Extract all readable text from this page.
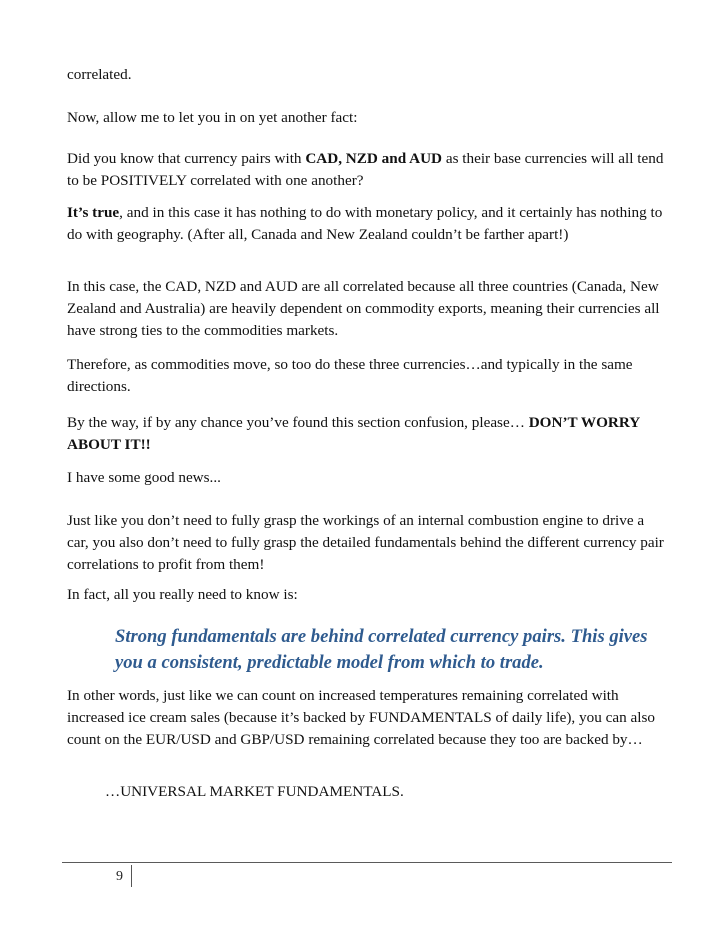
correlated.

Now, allow me to let you in on yet another fact:

Did you know that currency pairs with CAD, NZD and AUD as their base currencies will all tend to be POSITIVELY correlated with one another?

It’s true, and in this case it has nothing to do with monetary policy, and it certainly has nothing to do with geography. (After all, Canada and New Zealand couldn’t be farther apart!)

In this case, the CAD, NZD and AUD are all correlated because all three countries (Canada, New Zealand and Australia) are heavily dependent on commodity exports, meaning their currencies all have strong ties to the commodities markets.

Therefore, as commodities move, so too do these three currencies…and typically in the same directions.

By the way, if by any chance you’ve found this section confusion, please… DON’T WORRY ABOUT IT!!

I have some good news...

Just like you don’t need to fully grasp the workings of an internal combustion engine to drive a car, you also don’t need to fully grasp the detailed fundamentals behind the different currency pair correlations to profit from them!

In fact, all you really need to know is:

Strong fundamentals are behind correlated currency pairs. This gives you a consistent, predictable model from which to trade.

In other words, just like we can count on increased temperatures remaining correlated with increased ice cream sales (because it’s backed by FUNDAMENTALS of daily life), you can also count on the EUR/USD and GBP/USD remaining correlated because they too are backed by…

…UNIVERSAL MARKET FUNDAMENTALS.

9
